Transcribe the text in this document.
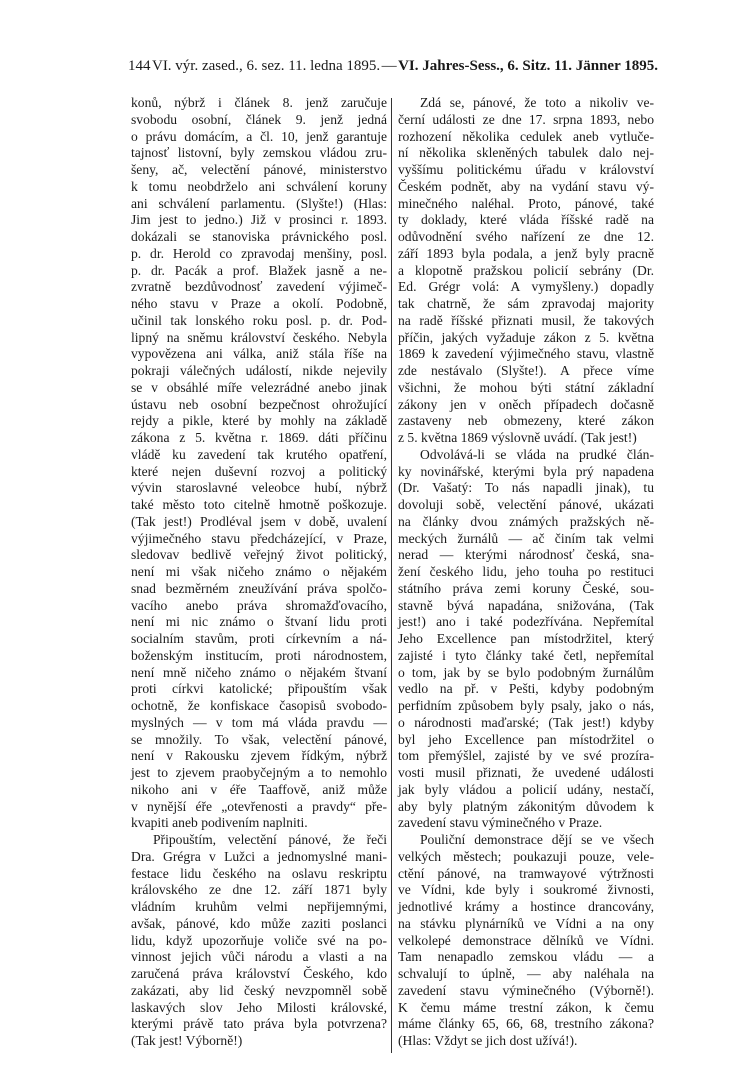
144 VI. výr. zased., 6. sez. 11. ledna 1895. — VI. Jahres-Sess., 6. Sitz. 11. Jänner 1895.
konů, nýbrž i článek 8. jenž zaručuje
svobodu osobní, článek 9. jenž jedná
o právu domácím, a čl. 10, jenž garantuje
tajnosť listovní, byly zemskou vládou zru-
šeny, ač, velectění pánové, ministerstvo
k tomu neobdrželo ani schválení koruny
ani schválení parlamentu. (Slyšte!) (Hlas:
Jim jest to jedno.) Již v prosinci r. 1893.
dokázali se stanoviska právnického posl.
p. dr. Herold co zpravodaj menšiny, posl.
p. dr. Pacák a prof. Blažek jasně a ne-
zvratně bezdůvodnosť zavedení výjimeč-
ného stavu v Praze a okolí. Podobně,
učinil tak lonského roku posl. p. dr. Pod-
lipný na sněmu království českého. Nebyla
vypovězena ani válka, aniž stála říše na
pokraji válečných událostí, nikde nejevily
se v obsáhlé míře velezrádné anebo jinak
ústavu neb osobní bezpečnost ohrožující
rejdy a pikle, které by mohly na základě
zákona z 5. května r. 1869. dáti příčinu
vládě ku zavedení tak krutého opatření,
které nejen duševní rozvoj a politický
vývin staroslavné veleobce hubí, nýbrž
také město toto citelně hmotně poškozuje.
(Tak jest!) Prodléval jsem v době, uvalení
výjimečného stavu předcházející, v Praze,
sledovav bedlivě veřejný život politický,
není mi však ničeho známo o nějakém
snad bezměrném zneužívání práva spolčo-
vacího anebo práva shromažďovacího,
není mi nic známo o štvaní lidu proti
socialním stavům, proti církevním a ná-
boženským institucím, proti národnostem,
není mně ničeho známo o nějakém štvaní
proti církvi katolické; připouštím však
ochotně, že konfiskace časopisů svobodo-
myslných — v tom má vláda pravdu —
se množily. To však, velectění pánové,
není v Rakousku zjevem řídkým, nýbrž
jest to zjevem praobyčejným a to nemohlo
nikoho ani v éře Taaffově, aniž může
v nynější éře „otevřenosti a pravdy“ pře-
kvapiti aneb podivením naplniti.
Připouštím, velectění pánové, že řeči
Dra. Grégra v Lužci a jednomyslné mani-
festace lidu českého na oslavu reskriptu
královského ze dne 12. září 1871 byly
vládním kruhům velmi nepřijemnými,
avšak, pánové, kdo může zaziti poslanci
lidu, když upozorňuje voliče své na po-
vinnost jejich vůči národu a vlasti a na
zaručená práva království Českého, kdo
zakázati, aby lid český nevzpomněl sobě
laskavých slov Jeho Milosti královské,
kterými právě tato práva byla potvrzena?
(Tak jest! Výborně!)
Zdá se, pánové, že toto a nikoliv ve-
černí události ze dne 17. srpna 1893, nebo
rozhození několika cedulek aneb vytluče-
ní několika skleněných tabulek dalo nej-
vyššímu politickému úřadu v království
Českém podnět, aby na vydání stavu vý-
minečného naléhal. Proto, pánové, také
ty doklady, které vláda říšské radě na
odůvodnění svého nařízení ze dne 12.
září 1893 byla podala, a jenž byly pracně
a klopotně pražskou policií sebrány (Dr.
Ed. Grégr volá: A vymyšleny.) dopadly
tak chatrně, že sám zpravodaj majority
na radě říšské přiznati musil, že takových
příčin, jakých vyžaduje zákon z 5. května
1869 k zavedení výjimečného stavu, vlastně
zde nestávalo (Slyšte!). A přece víme
všichni, že mohou býti státní základní
zákony jen v oněch případech dočasně
zastaveny neb obmezeny, které zákon
z 5. května 1869 výslovně uvádí. (Tak jest!)
Odvolává-li se vláda na prudké člán-
ky novinářské, kterými byla prý napadena
(Dr. Vašatý: To nás napadli jinak), tu
dovoluji sobě, velectění pánové, ukázati
na články dvou známých pražských ně-
meckých žurnálů — ač činím tak velmi
nerad — kterými národnosť česká, sna-
žení českého lidu, jeho touha po restituci
státního práva zemi koruny České, sou-
stavně bývá napadána, snižována, (Tak
jest!) ano i také podezřívána. Nepřemítal
Jeho Excellence pan místodržitel, který
zajisté i tyto články také četl, nepřemítal
o tom, jak by se bylo podobným žurnálům
vedlo na př. v Pešti, kdyby podobným
perfidním způsobem byly psaly, jako o nás,
o národnosti maďarské; (Tak jest!) kdyby
byl jeho Excellence pan místodržitel o
tom přemýšlel, zajisté by ve své prozíra-
vosti musil přiznati, že uvedené události
jak byly vládou a policií udány, nestačí,
aby byly platným zákonitým důvodem k
zavedení stavu výminečného v Praze.
Pouliční demonstrace dějí se ve všech
velkých městech; poukazuji pouze, vele-
ctění pánové, na tramwayové výtržnosti
ve Vídni, kde byly i soukromé živnosti,
jednotlivé krámy a hostince drancovány,
na stávku plynárníků ve Vídni a na ony
velkolepé demonstrace dělníků ve Vídni.
Tam nenapadlo zemskou vládu — a
schvalují to úplně, — aby naléhala na
zavedení stavu výminečného (Výborně!).
K čemu máme trestní zákon, k čemu
máme články 65, 66, 68, trestního zákona?
(Hlas: Vždyt se jich dost užívá!).
